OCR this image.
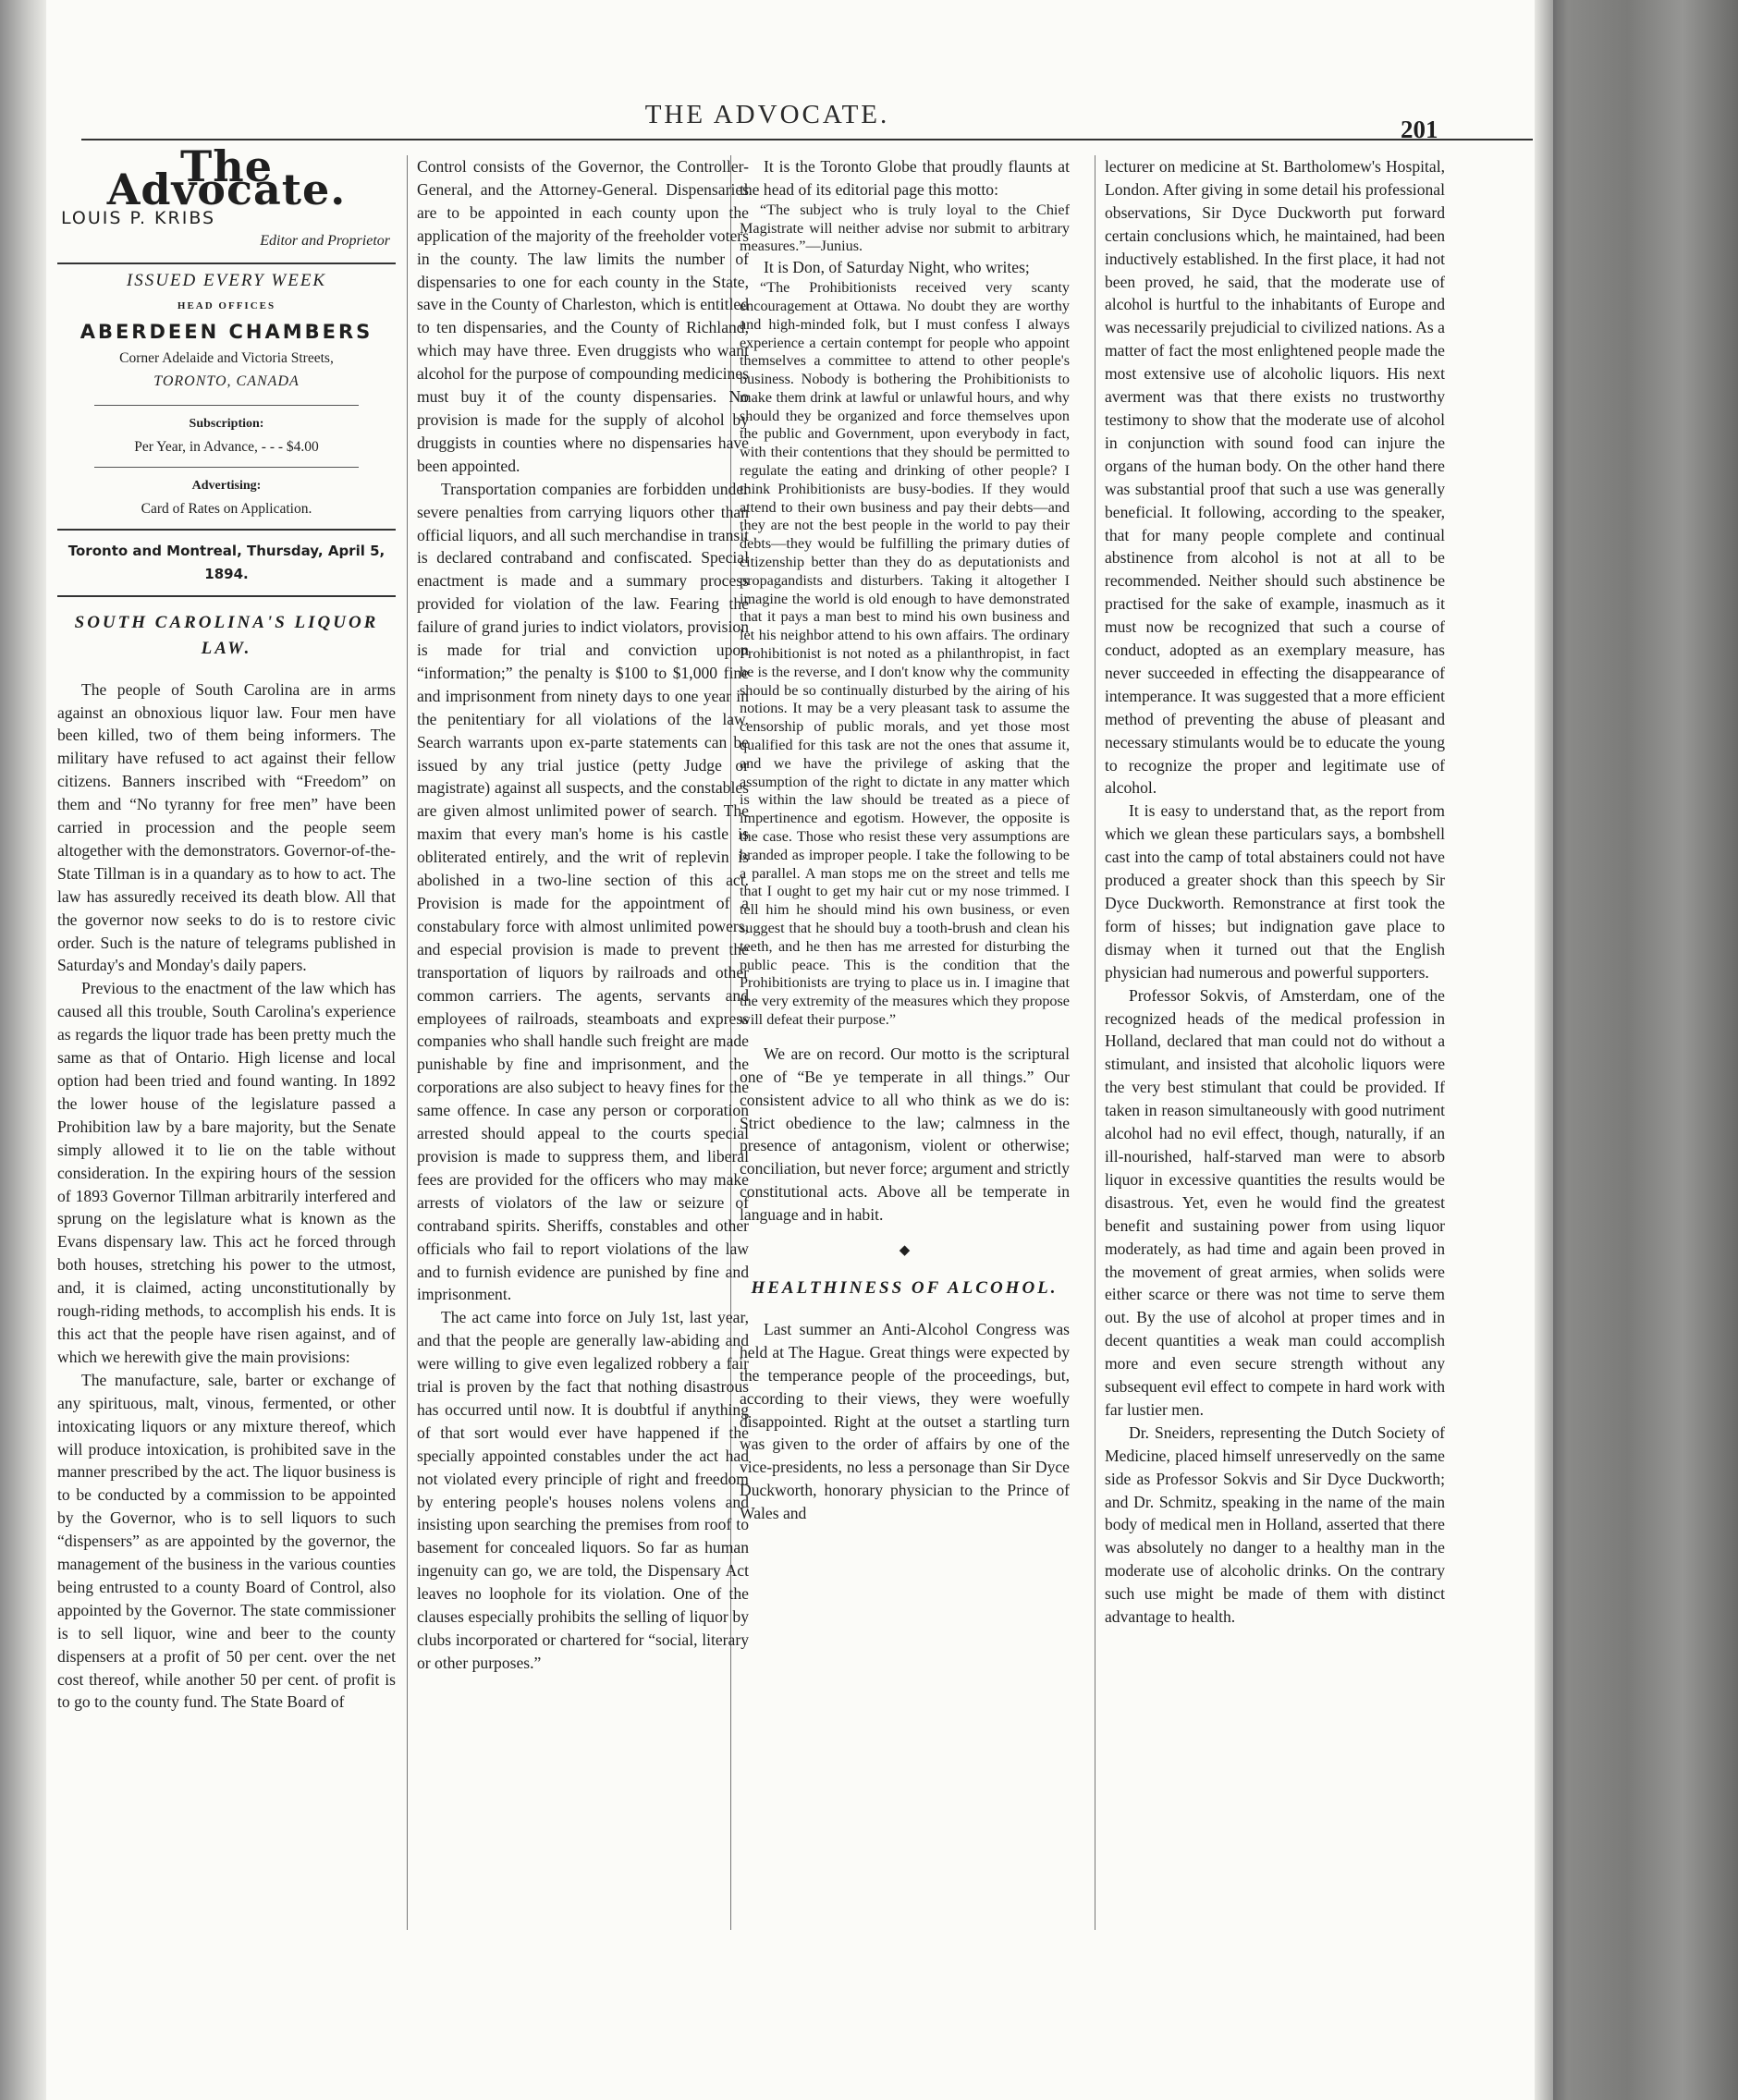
THE ADVOCATE.	201
The Advocate.
LOUIS P. KRIBS
Editor and Proprietor
ISSUED EVERY WEEK
HEAD OFFICES
ABERDEEN CHAMBERS
Corner Adelaide and Victoria Streets,
TORONTO, CANADA
Subscription:
Per Year, in Advance, - - - $4.00
Advertising:
Card of Rates on Application.
Toronto and Montreal, Thursday, April 5, 1894.
SOUTH CAROLINA'S LIQUOR LAW.

The people of South Carolina are in arms against an obnoxious liquor law. Four men have been killed, two of them being informers. The military have refused to act against their fellow citizens. Banners inscribed with “Freedom” on them and “No tyranny for free men” have been carried in procession and the people seem altogether with the demonstrators. Governor-of-the-State Tillman is in a quandary as to how to act. The law has assuredly received its death blow. All that the governor now seeks to do is to restore civic order. Such is the nature of telegrams published in Saturday's and Monday's daily papers.

Previous to the enactment of the law which has caused all this trouble, South Carolina's experience as regards the liquor trade has been pretty much the same as that of Ontario. High license and local option had been tried and found wanting. In 1892 the lower house of the legislature passed a Prohibition law by a bare majority, but the Senate simply allowed it to lie on the table without consideration. In the expiring hours of the session of 1893 Governor Tillman arbitrarily interfered and sprung on the legislature what is known as the Evans dispensary law. This act he forced through both houses, stretching his power to the utmost, and, it is claimed, acting unconstitutionally by rough-riding methods, to accomplish his ends. It is this act that the people have risen against, and of which we herewith give the main provisions:

The manufacture, sale, barter or exchange of any spirituous, malt, vinous, fermented, or other intoxicating liquors or any mixture thereof, which will produce intoxication, is prohibited save in the manner prescribed by the act. The liquor business is to be conducted by a commission to be appointed by the Governor, who is to sell liquors to such “dispensers” as are appointed by the governor, the management of the business in the various counties being entrusted to a county Board of Control, also appointed by the Governor. The state commissioner is to sell liquor, wine and beer to the county dispensers at a profit of 50 per cent. over the net cost thereof, while another 50 per cent. of profit is to go to the county fund. The State Board of

Control consists of the Governor, the Controller-General, and the Attorney-General. Dispensaries are to be appointed in each county upon the application of the majority of the freeholder voters in the county. The law limits the number of dispensaries to one for each county in the State, save in the County of Charleston, which is entitled to ten dispensaries, and the County of Richland, which may have three. Even druggists who want alcohol for the purpose of compounding medicines must buy it of the county dispensaries. No provision is made for the supply of alcohol by druggists in counties where no dispensaries have been appointed.

Transportation companies are forbidden under severe penalties from carrying liquors other than official liquors, and all such merchandise in transit is declared contraband and confiscated. Special enactment is made and a summary process provided for violation of the law. Fearing the failure of grand juries to indict violators, provision is made for trial and conviction upon “information;” the penalty is $100 to $1,000 fine and imprisonment from ninety days to one year in the penitentiary for all violations of the law. Search warrants upon ex-parte statements can be issued by any trial justice (petty Judge or magistrate) against all suspects, and the constables are given almost unlimited power of search. The maxim that every man's home is his castle is obliterated entirely, and the writ of replevin is abolished in a two-line section of this act. Provision is made for the appointment of a constabulary force with almost unlimited powers, and especial provision is made to prevent the transportation of liquors by railroads and other common carriers. The agents, servants and employees of railroads, steamboats and express companies who shall handle such freight are made punishable by fine and imprisonment, and the corporations are also subject to heavy fines for the same offence. In case any person or corporation arrested should appeal to the courts special provision is made to suppress them, and liberal fees are provided for the officers who may make arrests of violators of the law or seizure of contraband spirits. Sheriffs, constables and other officials who fail to report violations of the law and to furnish evidence are punished by fine and imprisonment.

The act came into force on July 1st, last year, and that the people are generally law-abiding and were willing to give even legalized robbery a fair trial is proven by the fact that nothing disastrous has occurred until now. It is doubtful if anything of that sort would ever have happened if the specially appointed constables under the act had not violated every principle of right and freedom by entering people's houses nolens volens and insisting upon searching the premises from roof to basement for concealed liquors. So far as human ingenuity can go, we are told, the Dispensary Act leaves no loophole for its violation. One of the clauses especially prohibits the selling of liquor by clubs incorporated or chartered for “social, literary or other purposes.”

It is the Toronto Globe that proudly flaunts at the head of its editorial page this motto:

“The subject who is truly loyal to the Chief Magistrate will neither advise nor submit to arbitrary measures.”—Junius.

It is Don, of Saturday Night, who writes;

“The Prohibitionists received very scanty encouragement at Ottawa. No doubt they are worthy and high-minded folk, but I must confess I always experience a certain contempt for people who appoint themselves a committee to attend to other people's business. Nobody is bothering the Prohibitionists to make them drink at lawful or unlawful hours, and why should they be organized and force themselves upon the public and Government, upon everybody in fact, with their contentions that they should be permitted to regulate the eating and drinking of other people? I think Prohibitionists are busy-bodies. If they would attend to their own business and pay their debts—and they are not the best people in the world to pay their debts—they would be fulfilling the primary duties of citizenship better than they do as deputationists and propagandists and disturbers. Taking it altogether I imagine the world is old enough to have demonstrated that it pays a man best to mind his own business and let his neighbor attend to his own affairs. The ordinary Prohibitionist is not noted as a philanthropist, in fact he is the reverse, and I don't know why the community should be so continually disturbed by the airing of his notions. It may be a very pleasant task to assume the censorship of public morals, and yet those most qualified for this task are not the ones that assume it, and we have the privilege of asking that the assumption of the right to dictate in any matter which is within the law should be treated as a piece of impertinence and egotism. However, the opposite is the case. Those who resist these very assumptions are branded as improper people. I take the following to be a parallel. A man stops me on the street and tells me that I ought to get my hair cut or my nose trimmed. I tell him he should mind his own business, or even suggest that he should buy a tooth-brush and clean his teeth, and he then has me arrested for disturbing the public peace. This is the condition that the Prohibitionists are trying to place us in. I imagine that the very extremity of the measures which they propose will defeat their purpose.”

We are on record. Our motto is the scriptural one of “Be ye temperate in all things.” Our consistent advice to all who think as we do is: Strict obedience to the law; calmness in the presence of antagonism, violent or otherwise; conciliation, but never force; argument and strictly constitutional acts. Above all be temperate in language and in habit.

◆
HEALTHINESS OF ALCOHOL.

Last summer an Anti-Alcohol Congress was held at The Hague. Great things were expected by the temperance people of the proceedings, but, according to their views, they were woefully disappointed. Right at the outset a startling turn was given to the order of affairs by one of the vice-presidents, no less a personage than Sir Dyce Duckworth, honorary physician to the Prince of Wales and

lecturer on medicine at St. Bartholomew's Hospital, London. After giving in some detail his professional observations, Sir Dyce Duckworth put forward certain conclusions which, he maintained, had been inductively established. In the first place, it had not been proved, he said, that the moderate use of alcohol is hurtful to the inhabitants of Europe and was necessarily prejudicial to civilized nations. As a matter of fact the most enlightened people made the most extensive use of alcoholic liquors. His next averment was that there exists no trustworthy testimony to show that the moderate use of alcohol in conjunction with sound food can injure the organs of the human body. On the other hand there was substantial proof that such a use was generally beneficial. It following, according to the speaker, that for many people complete and continual abstinence from alcohol is not at all to be recommended. Neither should such abstinence be practised for the sake of example, inasmuch as it must now be recognized that such a course of conduct, adopted as an exemplary measure, has never succeeded in effecting the disappearance of intemperance. It was suggested that a more efficient method of preventing the abuse of pleasant and necessary stimulants would be to educate the young to recognize the proper and legitimate use of alcohol.

It is easy to understand that, as the report from which we glean these particulars says, a bombshell cast into the camp of total abstainers could not have produced a greater shock than this speech by Sir Dyce Duckworth. Remonstrance at first took the form of hisses; but indignation gave place to dismay when it turned out that the English physician had numerous and powerful supporters.

Professor Sokvis, of Amsterdam, one of the recognized heads of the medical profession in Holland, declared that man could not do without a stimulant, and insisted that alcoholic liquors were the very best stimulant that could be provided. If taken in reason simultaneously with good nutriment alcohol had no evil effect, though, naturally, if an ill-nourished, half-starved man were to absorb liquor in excessive quantities the results would be disastrous. Yet, even he would find the greatest benefit and sustaining power from using liquor moderately, as had time and again been proved in the movement of great armies, when solids were either scarce or there was not time to serve them out. By the use of alcohol at proper times and in decent quantities a weak man could accomplish more and even secure strength without any subsequent evil effect to compete in hard work with far lustier men.

Dr. Sneiders, representing the Dutch Society of Medicine, placed himself unreservedly on the same side as Professor Sokvis and Sir Dyce Duckworth; and Dr. Schmitz, speaking in the name of the main body of medical men in Holland, asserted that there was absolutely no danger to a healthy man in the moderate use of alcoholic drinks. On the contrary such use might be made of them with distinct advantage to health.
